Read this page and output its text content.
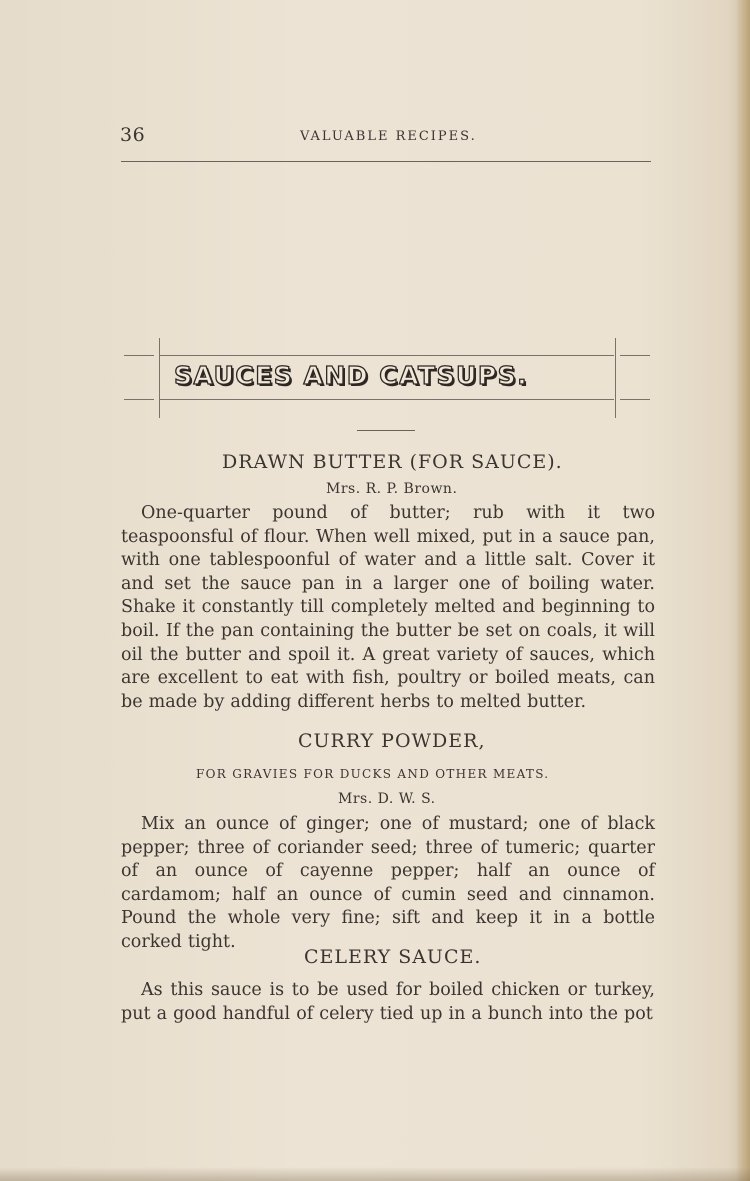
36	VALUABLE RECIPES.
SAUCES AND CATSUPS.
DRAWN BUTTER (FOR SAUCE).
Mrs. R. P. Brown.
One-quarter pound of butter; rub with it two teaspoonsful of flour. When well mixed, put in a sauce pan, with one tablespoonful of water and a little salt. Cover it and set the sauce pan in a larger one of boiling water. Shake it constantly till completely melted and beginning to boil. If the pan containing the butter be set on coals, it will oil the butter and spoil it. A great variety of sauces, which are excellent to eat with fish, poultry or boiled meats, can be made by adding different herbs to melted butter.
CURRY POWDER,
FOR GRAVIES FOR DUCKS AND OTHER MEATS.
Mrs. D. W. S.
Mix an ounce of ginger; one of mustard; one of black pepper; three of coriander seed; three of tumeric; quarter of an ounce of cayenne pepper; half an ounce of cardamom; half an ounce of cumin seed and cinnamon. Pound the whole very fine; sift and keep it in a bottle corked tight.
CELERY SAUCE.
As this sauce is to be used for boiled chicken or turkey, put a good handful of celery tied up in a bunch into the pot
